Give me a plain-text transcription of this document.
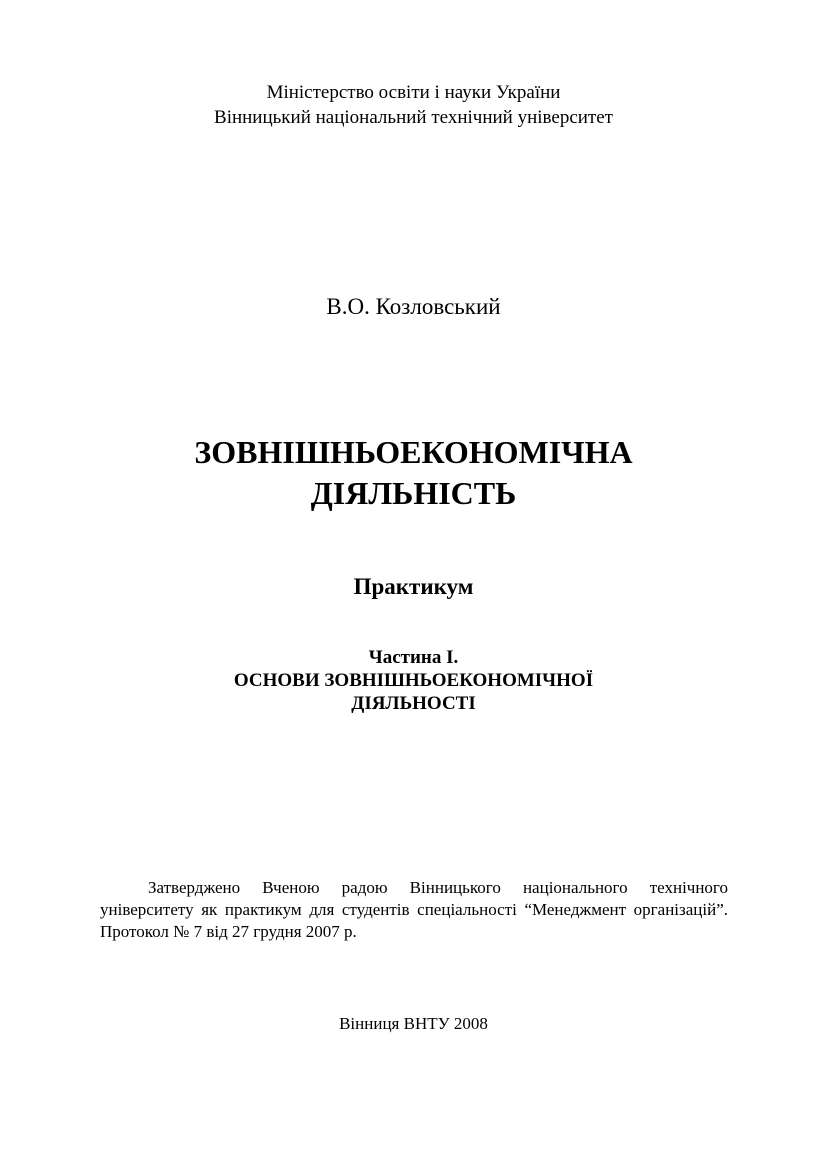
Міністерство освіти і науки України
Вінницький національний технічний університет
В.О. Козловський
ЗОВНІШНЬОЕКОНОМІЧНА
ДІЯЛЬНІСТЬ
Практикум
Частина І.
ОСНОВИ ЗОВНІШНЬОЕКОНОМІЧНОЇ
ДІЯЛЬНОСТІ

Затверджено Вченою радою Вінницького національного технічного університету як практикум для студентів спеціальності “Менеджмент організацій”. Протокол № 7 від 27 грудня 2007 р.

Вінниця ВНТУ 2008
